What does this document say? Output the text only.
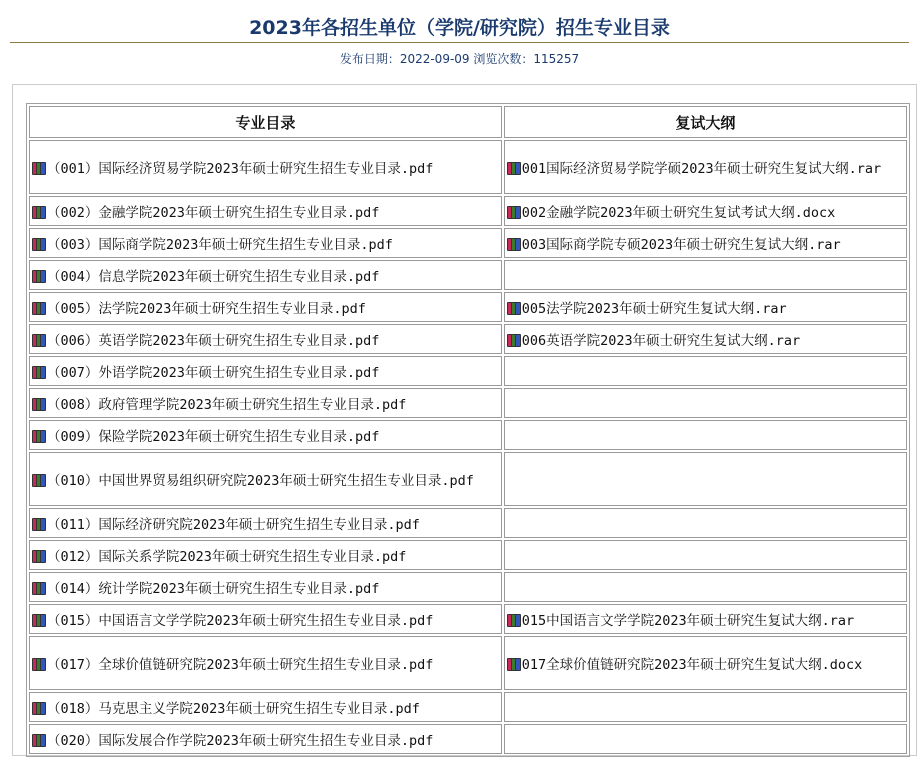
2023年各招生单位（学院/研究院）招生专业目录
发布日期：2022-09-09 浏览次数：115257
专业目录	复试大纲

（001）国际经济贸易学院2023年硕士研究生招生专业目录.pdf	001国际经济贸易学院学硕2023年硕士研究生复试大纲.rar

（002）金融学院2023年硕士研究生招生专业目录.pdf	002金融学院2023年硕士研究生复试考试大纲.docx

（003）国际商学院2023年硕士研究生招生专业目录.pdf	003国际商学院专硕2023年硕士研究生复试大纲.rar

（004）信息学院2023年硕士研究生招生专业目录.pdf	

（005）法学院2023年硕士研究生招生专业目录.pdf	005法学院2023年硕士研究生复试大纲.rar

（006）英语学院2023年硕士研究生招生专业目录.pdf	006英语学院2023年硕士研究生复试大纲.rar

（007）外语学院2023年硕士研究生招生专业目录.pdf	

（008）政府管理学院2023年硕士研究生招生专业目录.pdf	

（009）保险学院2023年硕士研究生招生专业目录.pdf	

（010）中国世界贸易组织研究院2023年硕士研究生招生专业目录.pdf	

（011）国际经济研究院2023年硕士研究生招生专业目录.pdf	

（012）国际关系学院2023年硕士研究生招生专业目录.pdf	

（014）统计学院2023年硕士研究生招生专业目录.pdf	

（015）中国语言文学学院2023年硕士研究生招生专业目录.pdf	015中国语言文学学院2023年硕士研究生复试大纲.rar

（017）全球价值链研究院2023年硕士研究生招生专业目录.pdf	017全球价值链研究院2023年硕士研究生复试大纲.docx

（018）马克思主义学院2023年硕士研究生招生专业目录.pdf	

（020）国际发展合作学院2023年硕士研究生招生专业目录.pdf	
